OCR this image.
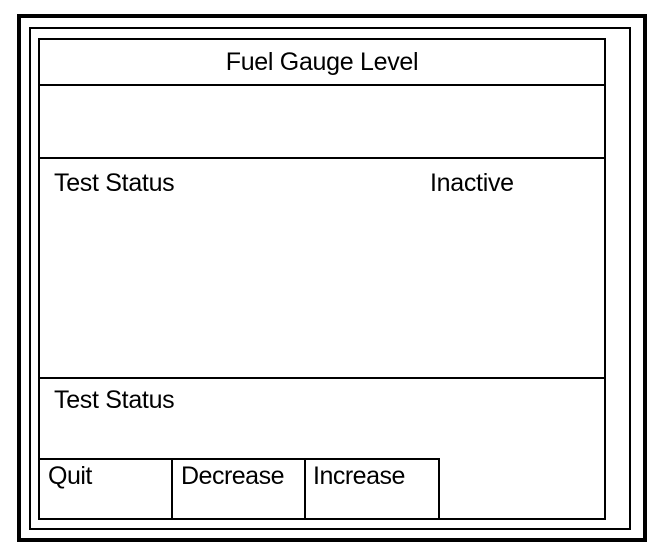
Fuel Gauge Level
Test Status	Inactive
Test Status
Quit	Decrease	Increase
